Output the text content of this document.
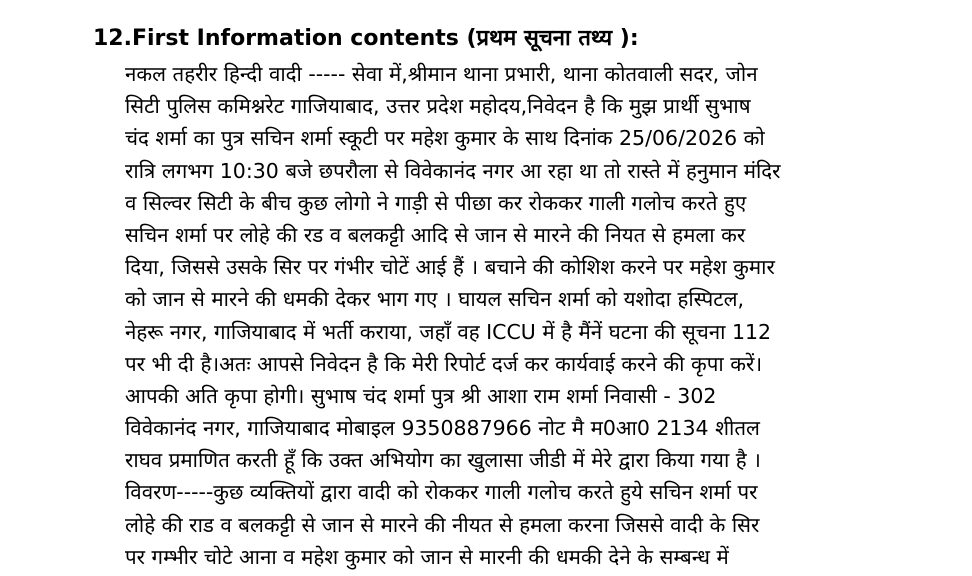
12.First Information contents (प्रथम सूचना तथ्य ):
नकल तहरीर हिन्दी वादी ----- सेवा में,श्रीमान थाना प्रभारी, थाना कोतवाली सदर, जोन
सिटी पुलिस कमिश्नरेट गाजियाबाद, उत्तर प्रदेश महोदय,निवेदन है कि मुझ प्रार्थी सुभाष
चंद शर्मा का पुत्र सचिन शर्मा स्कूटी पर महेश कुमार के साथ दिनांक 25/06/2026 को
रात्रि लगभग 10:30 बजे छपरौला से विवेकानंद नगर आ रहा था तो रास्ते में हनुमान मंदिर
व सिल्वर सिटी के बीच कुछ लोगो ने गाड़ी से पीछा कर रोककर गाली गलोच करते हुए
सचिन शर्मा पर लोहे की रड व बलकट्टी आदि से जान से मारने की नियत से हमला कर
दिया, जिससे उसके सिर पर गंभीर चोटें आई हैं । बचाने की कोशिश करने पर महेश कुमार
को जान से मारने की धमकी देकर भाग गए । घायल सचिन शर्मा को यशोदा हस्पिटल,
नेहरू नगर, गाजियाबाद में भर्ती कराया, जहाँ वह ICCU में है मैंनें घटना की सूचना 112
पर भी दी है।अतः आपसे निवेदन है कि मेरी रिपोर्ट दर्ज कर कार्यवाई करने की कृपा करें।
आपकी अति कृपा होगी। सुभाष चंद शर्मा पुत्र श्री आशा राम शर्मा निवासी - 302
विवेकानंद नगर, गाजियाबाद मोबाइल 9350887966 नोट मै म0आ0 2134 शीतल
राघव प्रमाणित करती हूँ कि उक्त अभियोग का खुलासा जीडी में मेरे द्वारा किया गया है ।
विवरण-----कुछ व्यक्तियों द्वारा वादी को रोककर गाली गलोच करते हुये सचिन शर्मा पर
लोहे की राड व बलकट्टी से जान से मारने की नीयत से हमला करना जिससे वादी के सिर
पर गम्भीर चोटे आना व महेश कुमार को जान से मारनी की धमकी देने के सम्बन्ध में
